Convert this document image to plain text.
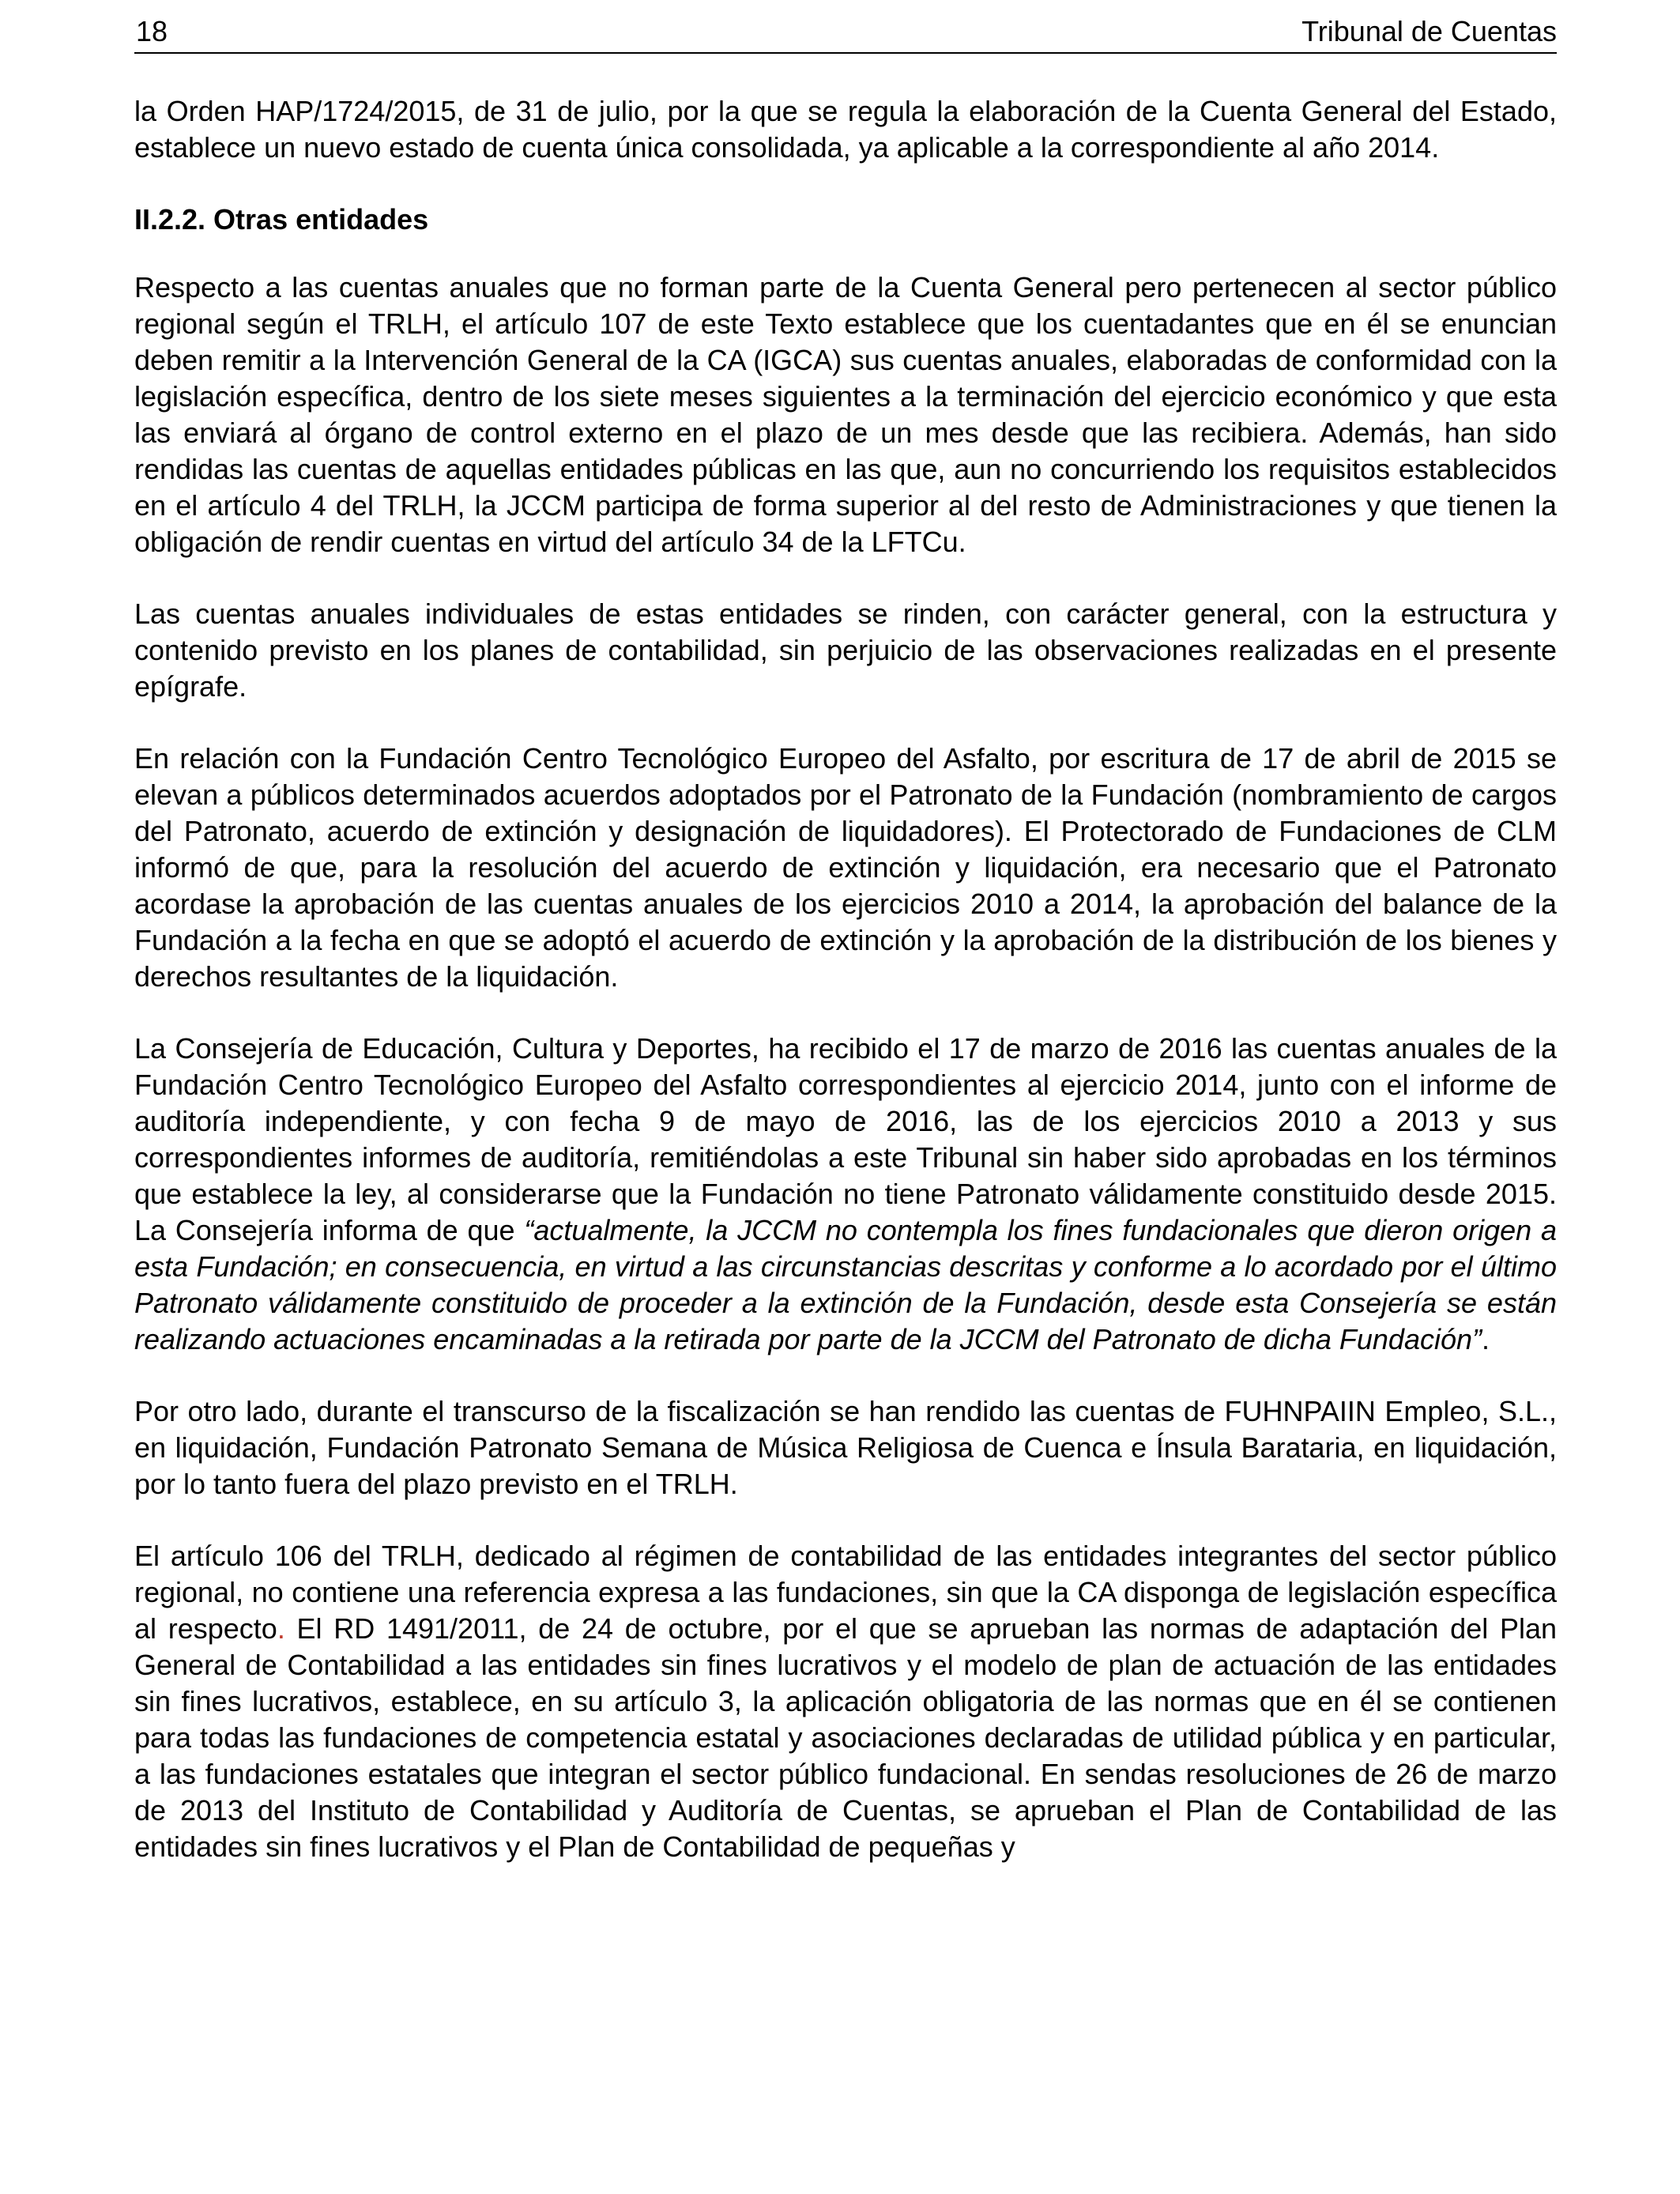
18	Tribunal de Cuentas

la Orden HAP/1724/2015, de 31 de julio, por la que se regula la elaboración de la Cuenta General del Estado, establece un nuevo estado de cuenta única consolidada, ya aplicable a la correspondiente al año 2014.

II.2.2. Otras entidades

Respecto a las cuentas anuales que no forman parte de la Cuenta General pero pertenecen al sector público regional según el TRLH, el artículo 107 de este Texto establece que los cuentadantes que en él se enuncian deben remitir a la Intervención General de la CA (IGCA) sus cuentas anuales, elaboradas de conformidad con la legislación específica, dentro de los siete meses siguientes a la terminación del ejercicio económico y que esta las enviará al órgano de control externo en el plazo de un mes desde que las recibiera. Además, han sido rendidas las cuentas de aquellas entidades públicas en las que, aun no concurriendo los requisitos establecidos en el artículo 4 del TRLH, la JCCM participa de forma superior al del resto de Administraciones y que tienen la obligación de rendir cuentas en virtud del artículo 34 de la LFTCu.

Las cuentas anuales individuales de estas entidades se rinden, con carácter general, con la estructura y contenido previsto en los planes de contabilidad, sin perjuicio de las observaciones realizadas en el presente epígrafe.

En relación con la Fundación Centro Tecnológico Europeo del Asfalto, por escritura de 17 de abril de 2015 se elevan a públicos determinados acuerdos adoptados por el Patronato de la Fundación (nombramiento de cargos del Patronato, acuerdo de extinción y designación de liquidadores). El Protectorado de Fundaciones de CLM informó de que, para la resolución del acuerdo de extinción y liquidación, era necesario que el Patronato acordase la aprobación de las cuentas anuales de los ejercicios 2010 a 2014, la aprobación del balance de la Fundación a la fecha en que se adoptó el acuerdo de extinción y la aprobación de la distribución de los bienes y derechos resultantes de la liquidación.

La Consejería de Educación, Cultura y Deportes, ha recibido el 17 de marzo de 2016 las cuentas anuales de la Fundación Centro Tecnológico Europeo del Asfalto correspondientes al ejercicio 2014, junto con el informe de auditoría independiente, y con fecha 9 de mayo de 2016, las de los ejercicios 2010 a 2013 y sus correspondientes informes de auditoría, remitiéndolas a este Tribunal sin haber sido aprobadas en los términos que establece la ley, al considerarse que la Fundación no tiene Patronato válidamente constituido desde 2015. La Consejería informa de que “actualmente, la JCCM no contempla los fines fundacionales que dieron origen a esta Fundación; en consecuencia, en virtud a las circunstancias descritas y conforme a lo acordado por el último Patronato válidamente constituido de proceder a la extinción de la Fundación, desde esta Consejería se están realizando actuaciones encaminadas a la retirada por parte de la JCCM del Patronato de dicha Fundación”.

Por otro lado, durante el transcurso de la fiscalización se han rendido las cuentas de FUHNPAIIN Empleo, S.L., en liquidación, Fundación Patronato Semana de Música Religiosa de Cuenca e Ínsula Barataria, en liquidación, por lo tanto fuera del plazo previsto en el TRLH.

El artículo 106 del TRLH, dedicado al régimen de contabilidad de las entidades integrantes del sector público regional, no contiene una referencia expresa a las fundaciones, sin que la CA disponga de legislación específica al respecto. El RD 1491/2011, de 24 de octubre, por el que se aprueban las normas de adaptación del Plan General de Contabilidad a las entidades sin fines lucrativos y el modelo de plan de actuación de las entidades sin fines lucrativos, establece, en su artículo 3, la aplicación obligatoria de las normas que en él se contienen para todas las fundaciones de competencia estatal y asociaciones declaradas de utilidad pública y en particular, a las fundaciones estatales que integran el sector público fundacional. En sendas resoluciones de 26 de marzo de 2013 del Instituto de Contabilidad y Auditoría de Cuentas, se aprueban el Plan de Contabilidad de las entidades sin fines lucrativos y el Plan de Contabilidad de pequeñas y
